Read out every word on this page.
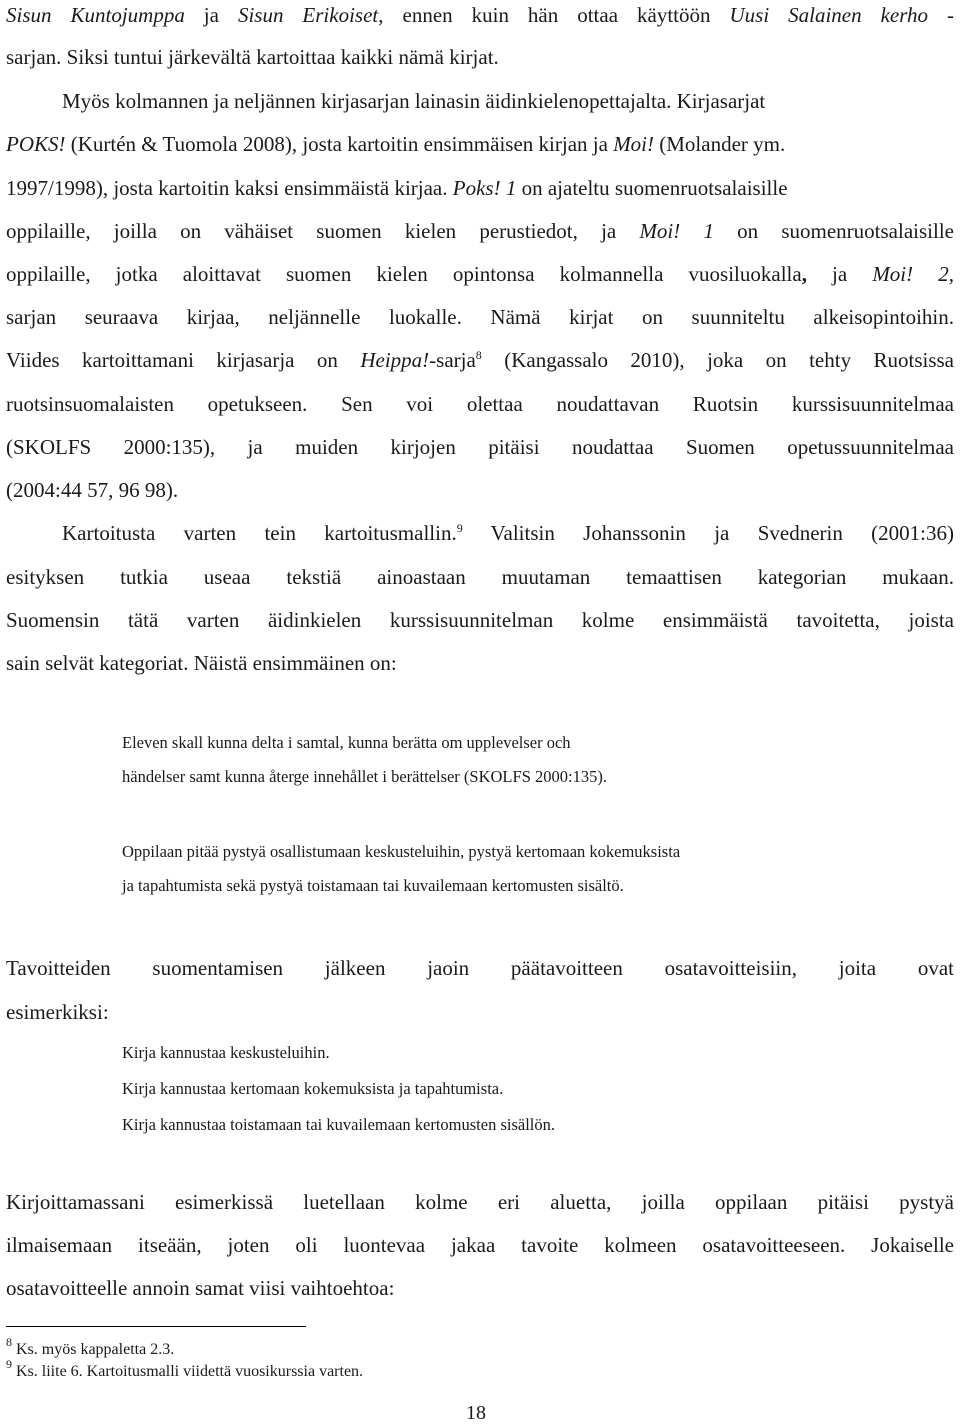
Sisun Kuntojumppa ja Sisun Erikoiset, ennen kuin hän ottaa käyttöön Uusi Salainen kerho -
sarjan. Siksi tuntui järkevältä kartoittaa kaikki nämä kirjat.
Myös kolmannen ja neljännen kirjasarjan lainasin äidinkielenopettajalta. Kirjasarjat
POKS! (Kurtén & Tuomola 2008), josta kartoitin ensimmäisen kirjan ja Moi! (Molander ym.
1997/1998), josta kartoitin kaksi ensimmäistä kirjaa. Poks! 1 on ajateltu suomenruotsalaisille
oppilaille, joilla on vähäiset suomen kielen perustiedot, ja Moi! 1 on suomenruotsalaisille
oppilaille, jotka aloittavat suomen kielen opintonsa kolmannella vuosiluokalla, ja Moi! 2,
sarjan seuraava kirjaa, neljännelle luokalle. Nämä kirjat on suunniteltu alkeisopintoihin.
Viides kartoittamani kirjasarja on Heippa!-sarja$^8$ (Kangassalo 2010), joka on tehty Ruotsissa
ruotsinsuomalaisten opetukseen. Sen voi olettaa noudattavan Ruotsin kurssisuunnitelmaa
(SKOLFS 2000:135), ja muiden kirjojen pitäisi noudattaa Suomen opetussuunnitelmaa
(2004:44 57, 96 98).
Kartoitusta varten tein kartoitusmallin.$^9$ Valitsin Johanssonin ja Svednerin (2001:36)
esityksen tutkia useaa tekstiä ainoastaan muutaman temaattisen kategorian mukaan.
Suomensin tätä varten äidinkielen kurssisuunnitelman kolme ensimmäistä tavoitetta, joista
sain selvät kategoriat. Näistä ensimmäinen on:
Eleven skall kunna delta i samtal, kunna berätta om upplevelser och
händelser samt kunna återge innehållet i berättelser (SKOLFS 2000:135).
Oppilaan pitää pystyä osallistumaan keskusteluihin, pystyä kertomaan kokemuksista
ja tapahtumista sekä pystyä toistamaan tai kuvailemaan kertomusten sisältö.
Tavoitteiden suomentamisen jälkeen jaoin päätavoitteen osatavoitteisiin, joita ovat
esimerkiksi:
Kirja kannustaa keskusteluihin.
Kirja kannustaa kertomaan kokemuksista ja tapahtumista.
Kirja kannustaa toistamaan tai kuvailemaan kertomusten sisällön.
Kirjoittamassani esimerkissä luetellaan kolme eri aluetta, joilla oppilaan pitäisi pystyä
ilmaisemaan itseään, joten oli luontevaa jakaa tavoite kolmeen osatavoitteeseen. Jokaiselle
osatavoitteelle annoin samat viisi vaihtoehtoa:
$^8$ Ks. myös kappaletta 2.3.
$^9$ Ks. liite 6. Kartoitusmalli viidettä vuosikurssia varten.
18
